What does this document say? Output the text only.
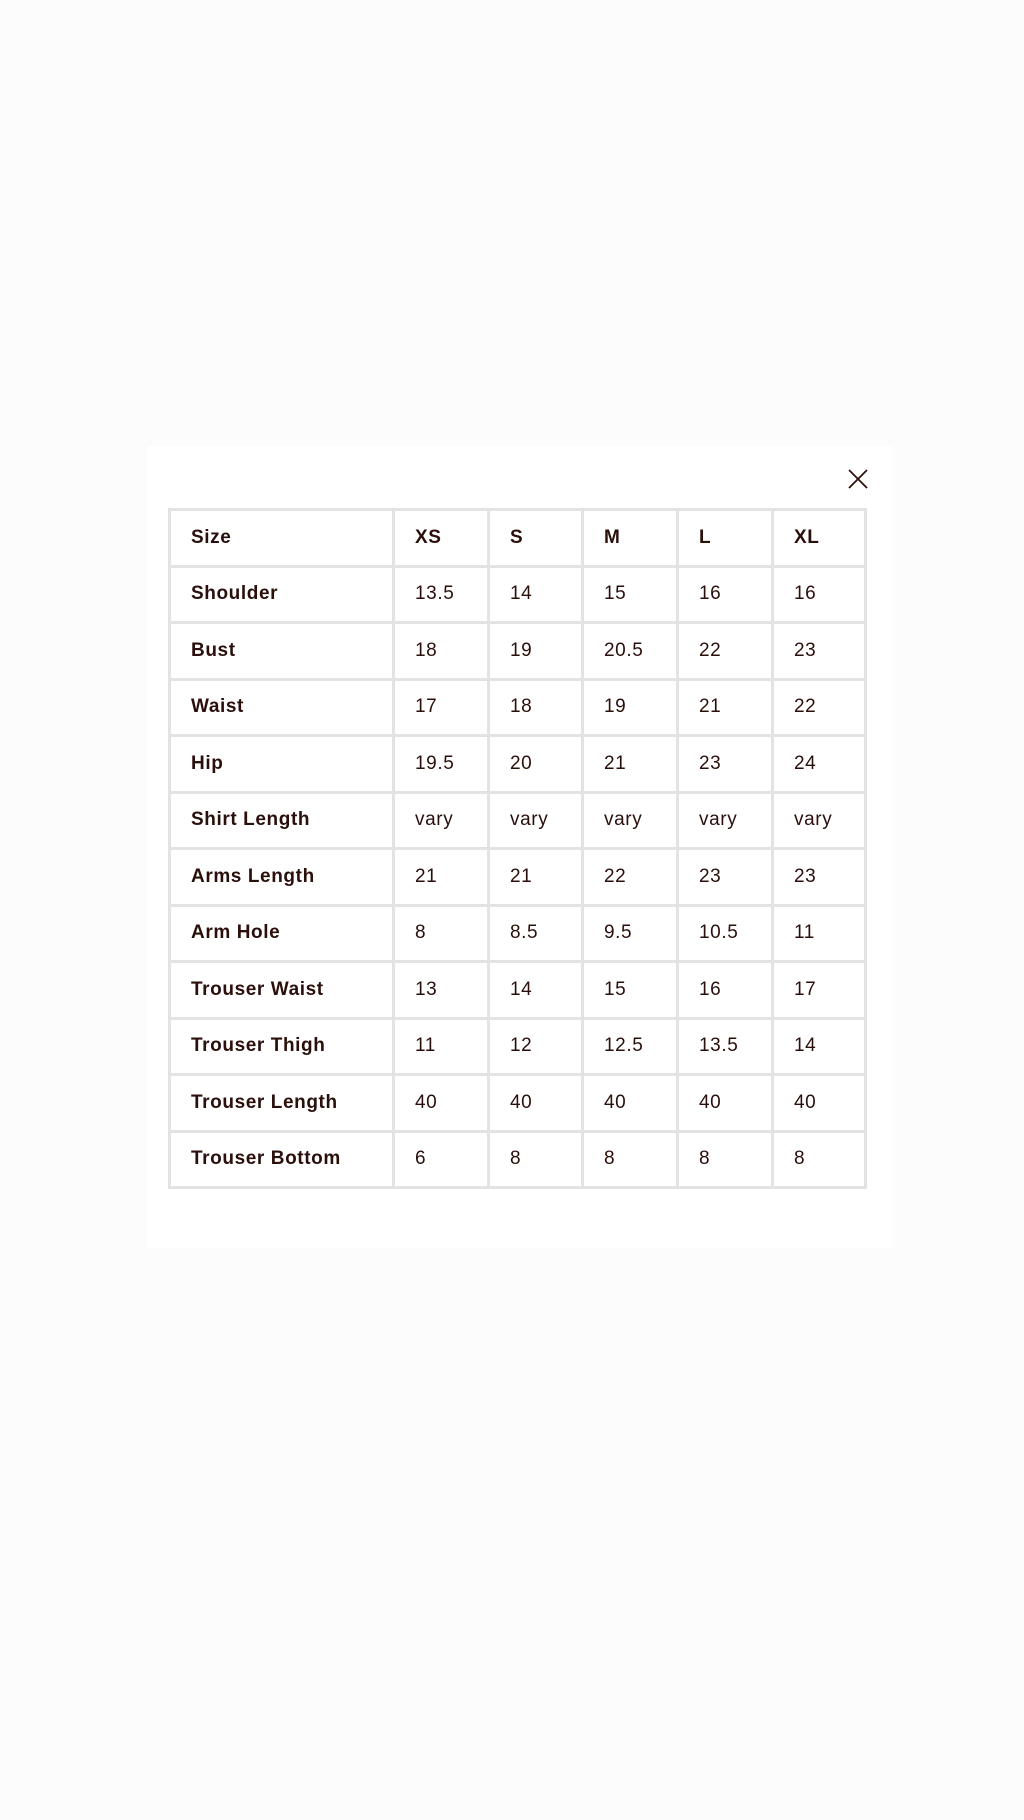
Size	XS	S	M	L	XL
Shoulder	13.5	14	15	16	16
Bust	18	19	20.5	22	23
Waist	17	18	19	21	22
Hip	19.5	20	21	23	24
Shirt Length	vary	vary	vary	vary	vary
Arms Length	21	21	22	23	23
Arm Hole	8	8.5	9.5	10.5	11
Trouser Waist	13	14	15	16	17
Trouser Thigh	11	12	12.5	13.5	14
Trouser Length	40	40	40	40	40
Trouser Bottom	6	8	8	8	8
